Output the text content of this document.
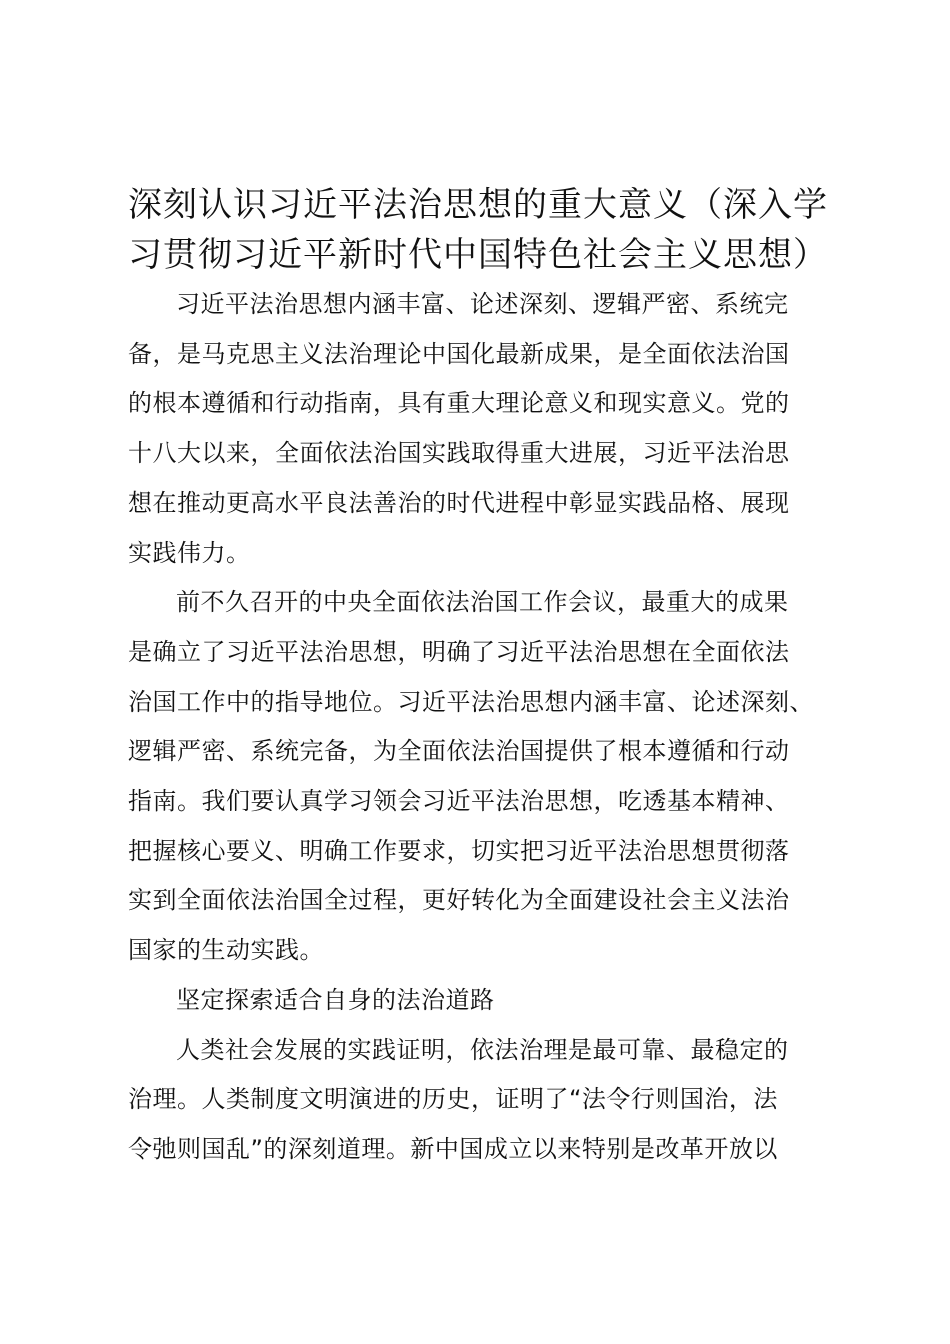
深刻认识习近平法治思想的重大意义（深入学
习贯彻习近平新时代中国特色社会主义思想）

习近平法治思想内涵丰富、论述深刻、逻辑严密、系统完
备，是马克思主义法治理论中国化最新成果，是全面依法治国
的根本遵循和行动指南，具有重大理论意义和现实意义。党的
十八大以来，全面依法治国实践取得重大进展，习近平法治思
想在推动更高水平良法善治的时代进程中彰显实践品格、展现
实践伟力。

前不久召开的中央全面依法治国工作会议，最重大的成果
是确立了习近平法治思想，明确了习近平法治思想在全面依法
治国工作中的指导地位。习近平法治思想内涵丰富、论述深刻、
逻辑严密、系统完备，为全面依法治国提供了根本遵循和行动
指南。我们要认真学习领会习近平法治思想，吃透基本精神、
把握核心要义、明确工作要求，切实把习近平法治思想贯彻落
实到全面依法治国全过程，更好转化为全面建设社会主义法治
国家的生动实践。

坚定探索适合自身的法治道路

人类社会发展的实践证明，依法治理是最可靠、最稳定的
治理。人类制度文明演进的历史，证明了“法令行则国治，法
令弛则国乱”的深刻道理。新中国成立以来特别是改革开放以
